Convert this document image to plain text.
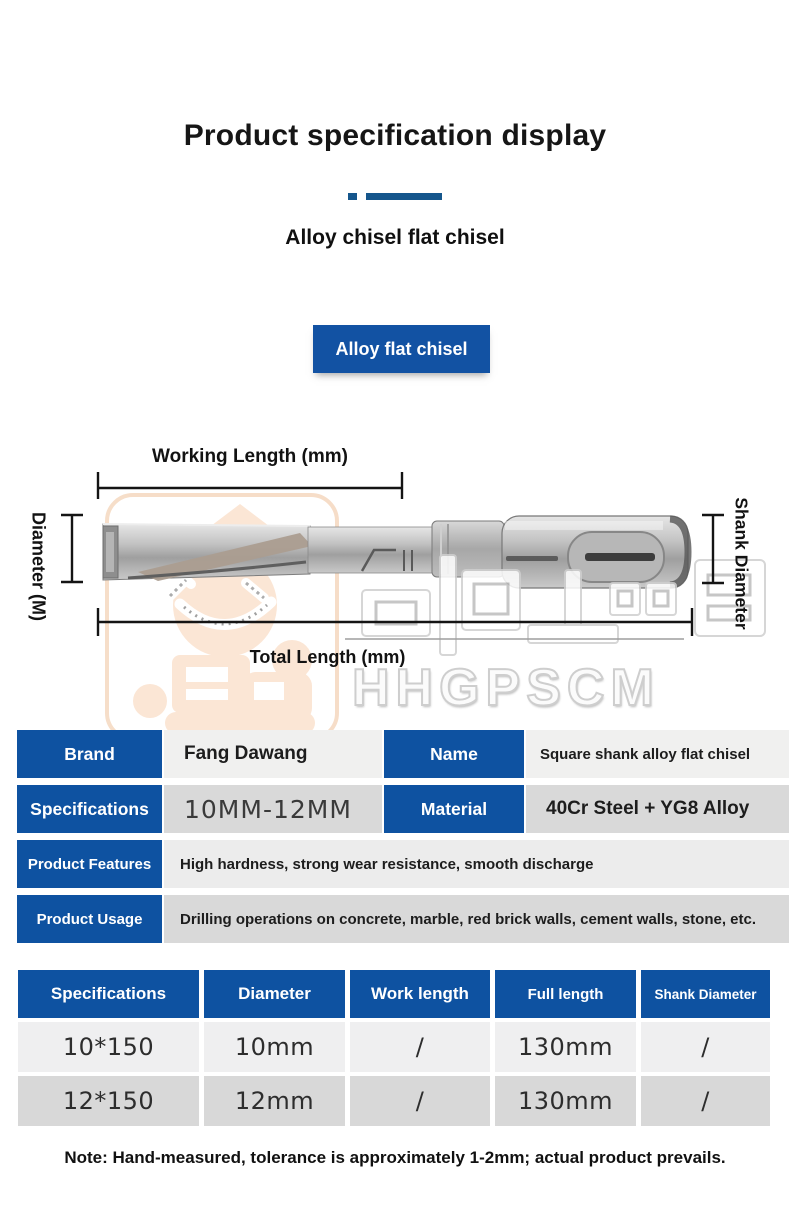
Product specification display
Alloy chisel flat chisel
Alloy flat chisel
Working Length (mm)
Diameter (M)	Shank Diameter
Total Length (mm)
HHGPSCM
Brand	Fang Dawang	Name	Square shank alloy flat chisel
Specifications	10MM-12MM	Material	40Cr Steel + YG8 Alloy
Product Features	High hardness, strong wear resistance, smooth discharge
Product Usage	Drilling operations on concrete, marble, red brick walls, cement walls, stone, etc.
Specifications	Diameter	Work length	Full length	Shank Diameter
10*150	10mm	/	130mm	/
12*150	12mm	/	130mm	/
Note: Hand-measured, tolerance is approximately 1-2mm; actual product prevails.
